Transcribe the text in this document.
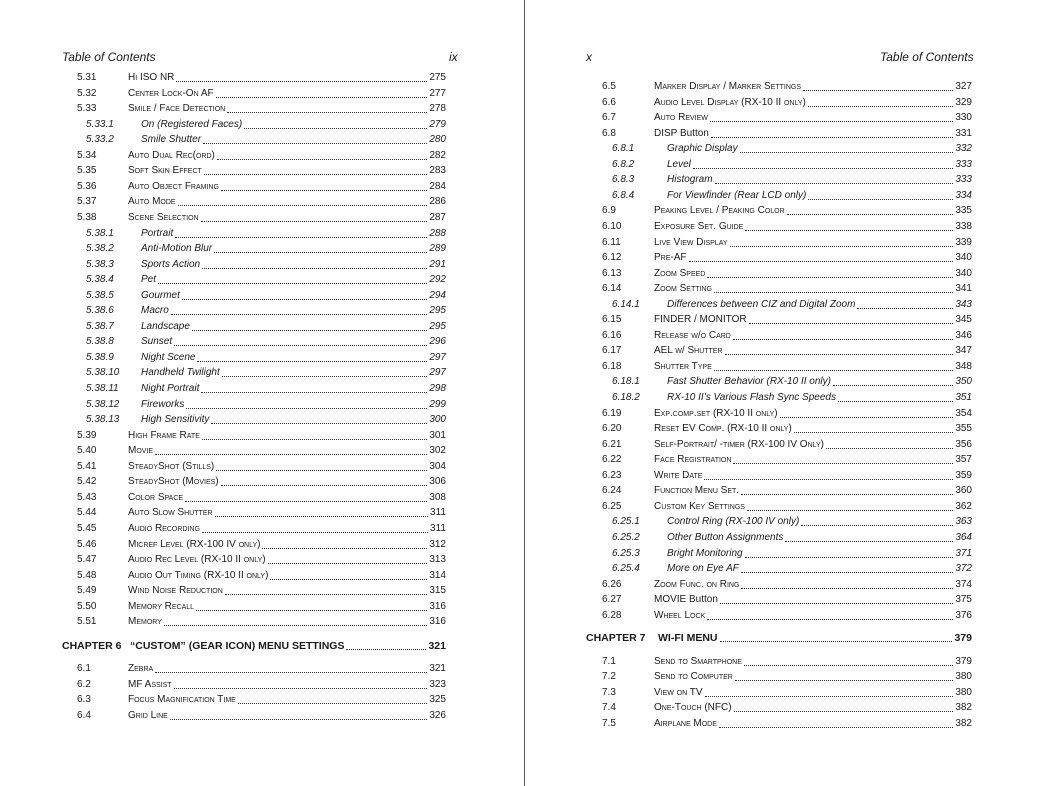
Table of Contents	ix
5.31	Hi ISO NR	275
5.32	Center Lock-On AF	277
5.33	Smile / Face Detection	278
5.33.1	On (Registered Faces)	279
5.33.2	Smile Shutter	280
5.34	Auto Dual Rec(ord)	282
5.35	Soft Skin Effect	283
5.36	Auto Object Framing	284
5.37	Auto Mode	286
5.38	Scene Selection	287
5.38.1	Portrait	288
5.38.2	Anti-Motion Blur	289
5.38.3	Sports Action	291
5.38.4	Pet	292
5.38.5	Gourmet	294
5.38.6	Macro	295
5.38.7	Landscape	295
5.38.8	Sunset	296
5.38.9	Night Scene	297
5.38.10	Handheld Twilight	297
5.38.11	Night Portrait	298
5.38.12	Fireworks	299
5.38.13	High Sensitivity	300
5.39	High Frame Rate	301
5.40	Movie	302
5.41	SteadyShot (Stills)	304
5.42	SteadyShot (Movies)	306
5.43	Color Space	308
5.44	Auto Slow Shutter	311
5.45	Audio Recording	311
5.46	Micref Level (RX-100 IV only)	312
5.47	Audio Rec Level (RX-10 II only)	313
5.48	Audio Out Timing (RX-10 II only)	314
5.49	Wind Noise Reduction	315
5.50	Memory Recall	316
5.51	Memory	316
CHAPTER 6 “CUSTOM” (GEAR ICON) MENU SETTINGS	321
6.1	Zebra	321
6.2	MF Assist	323
6.3	Focus Magnification Time	325
6.4	Grid Line	326
x	Table of Contents
6.5	Marker Display / Marker Settings	327
6.6	Audio Level Display (RX-10 II only)	329
6.7	Auto Review	330
6.8	DISP Button	331
6.8.1	Graphic Display	332
6.8.2	Level	333
6.8.3	Histogram	333
6.8.4	For Viewfinder (Rear LCD only)	334
6.9	Peaking Level / Peaking Color	335
6.10	Exposure Set. Guide	338
6.11	Live View Display	339
6.12	Pre-AF	340
6.13	Zoom Speed	340
6.14	Zoom Setting	341
6.14.1	Differences between CIZ and Digital Zoom	343
6.15	FINDER / MONITOR	345
6.16	Release w/o Card	346
6.17	AEL w/ Shutter	347
6.18	Shutter Type	348
6.18.1	Fast Shutter Behavior (RX-10 II only)	350
6.18.2	RX-10 II’s Various Flash Sync Speeds	351
6.19	Exp.comp.set (RX-10 II only)	354
6.20	Reset EV Comp. (RX-10 II only)	355
6.21	Self-Portrait/ -timer (RX-100 IV Only)	356
6.22	Face Registration	357
6.23	Write Date	359
6.24	Function Menu Set.	360
6.25	Custom Key Settings	362
6.25.1	Control Ring (RX-100 IV only)	363
6.25.2	Other Button Assignments	364
6.25.3	Bright Monitoring	371
6.25.4	More on Eye AF	372
6.26	Zoom Func. on Ring	374
6.27	MOVIE Button	375
6.28	Wheel Lock	376
CHAPTER 7	WI-FI MENU	379
7.1	Send to Smartphone	379
7.2	Send to Computer	380
7.3	View on TV	380
7.4	One-Touch (NFC)	382
7.5	Airplane Mode	382
